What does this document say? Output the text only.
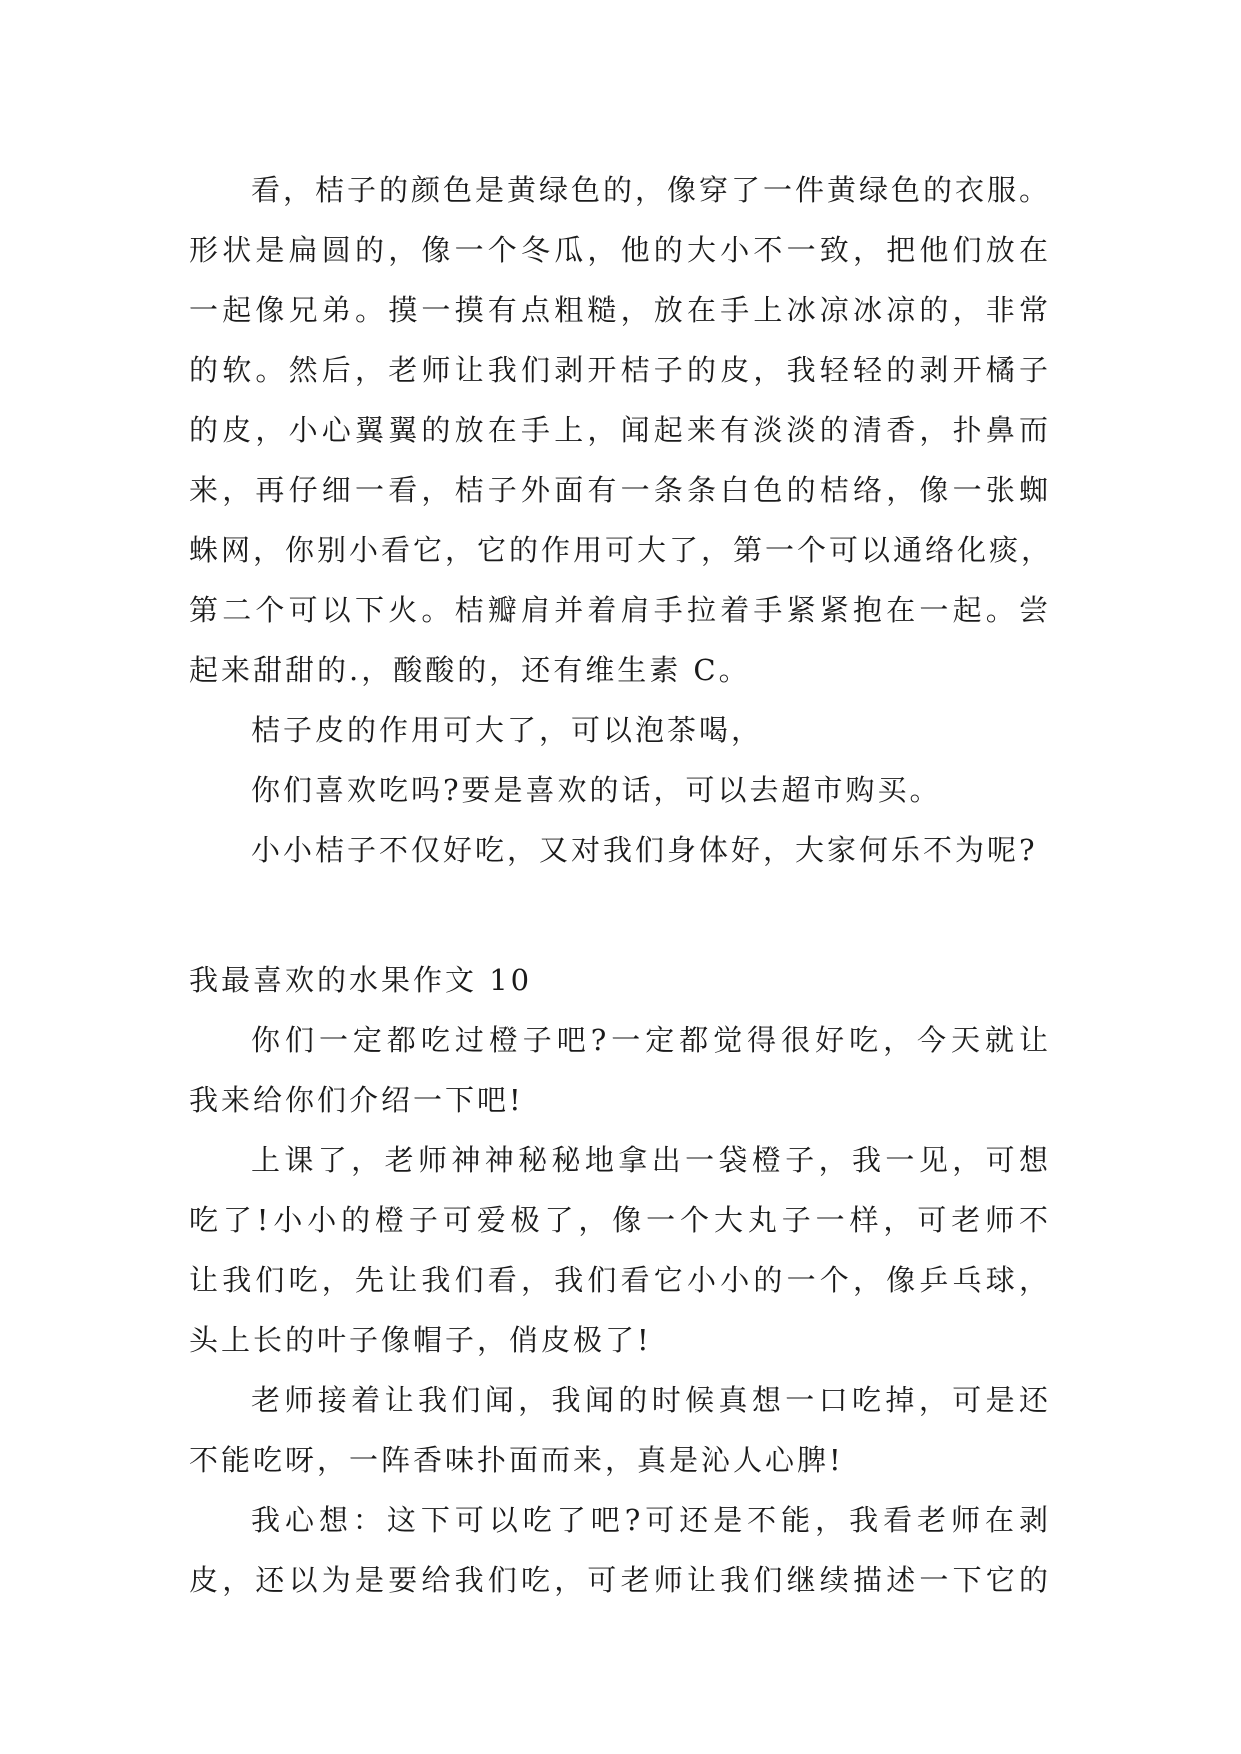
看，桔子的颜色是黄绿色的，像穿了一件黄绿色的衣服。
形状是扁圆的，像一个冬瓜，他的大小不一致，把他们放在
一起像兄弟。摸一摸有点粗糙，放在手上冰凉冰凉的，非常
的软。然后，老师让我们剥开桔子的皮，我轻轻的剥开橘子
的皮，小心翼翼的放在手上，闻起来有淡淡的清香，扑鼻而
来，再仔细一看，桔子外面有一条条白色的桔络，像一张蜘
蛛网，你别小看它，它的作用可大了，第一个可以通络化痰，
第二个可以下火。桔瓣肩并着肩手拉着手紧紧抱在一起。尝
起来甜甜的.，酸酸的，还有维生素 C。
桔子皮的作用可大了，可以泡茶喝，
你们喜欢吃吗?要是喜欢的话，可以去超市购买。
小小桔子不仅好吃，又对我们身体好，大家何乐不为呢?
我最喜欢的水果作文 10
你们一定都吃过橙子吧?一定都觉得很好吃，今天就让
我来给你们介绍一下吧!
上课了，老师神神秘秘地拿出一袋橙子，我一见，可想
吃了!小小的橙子可爱极了，像一个大丸子一样，可老师不
让我们吃，先让我们看，我们看它小小的一个，像乒乓球，
头上长的叶子像帽子，俏皮极了!
老师接着让我们闻，我闻的时候真想一口吃掉，可是还
不能吃呀，一阵香味扑面而来，真是沁人心脾!
我心想：这下可以吃了吧?可还是不能，我看老师在剥
皮，还以为是要给我们吃，可老师让我们继续描述一下它的
